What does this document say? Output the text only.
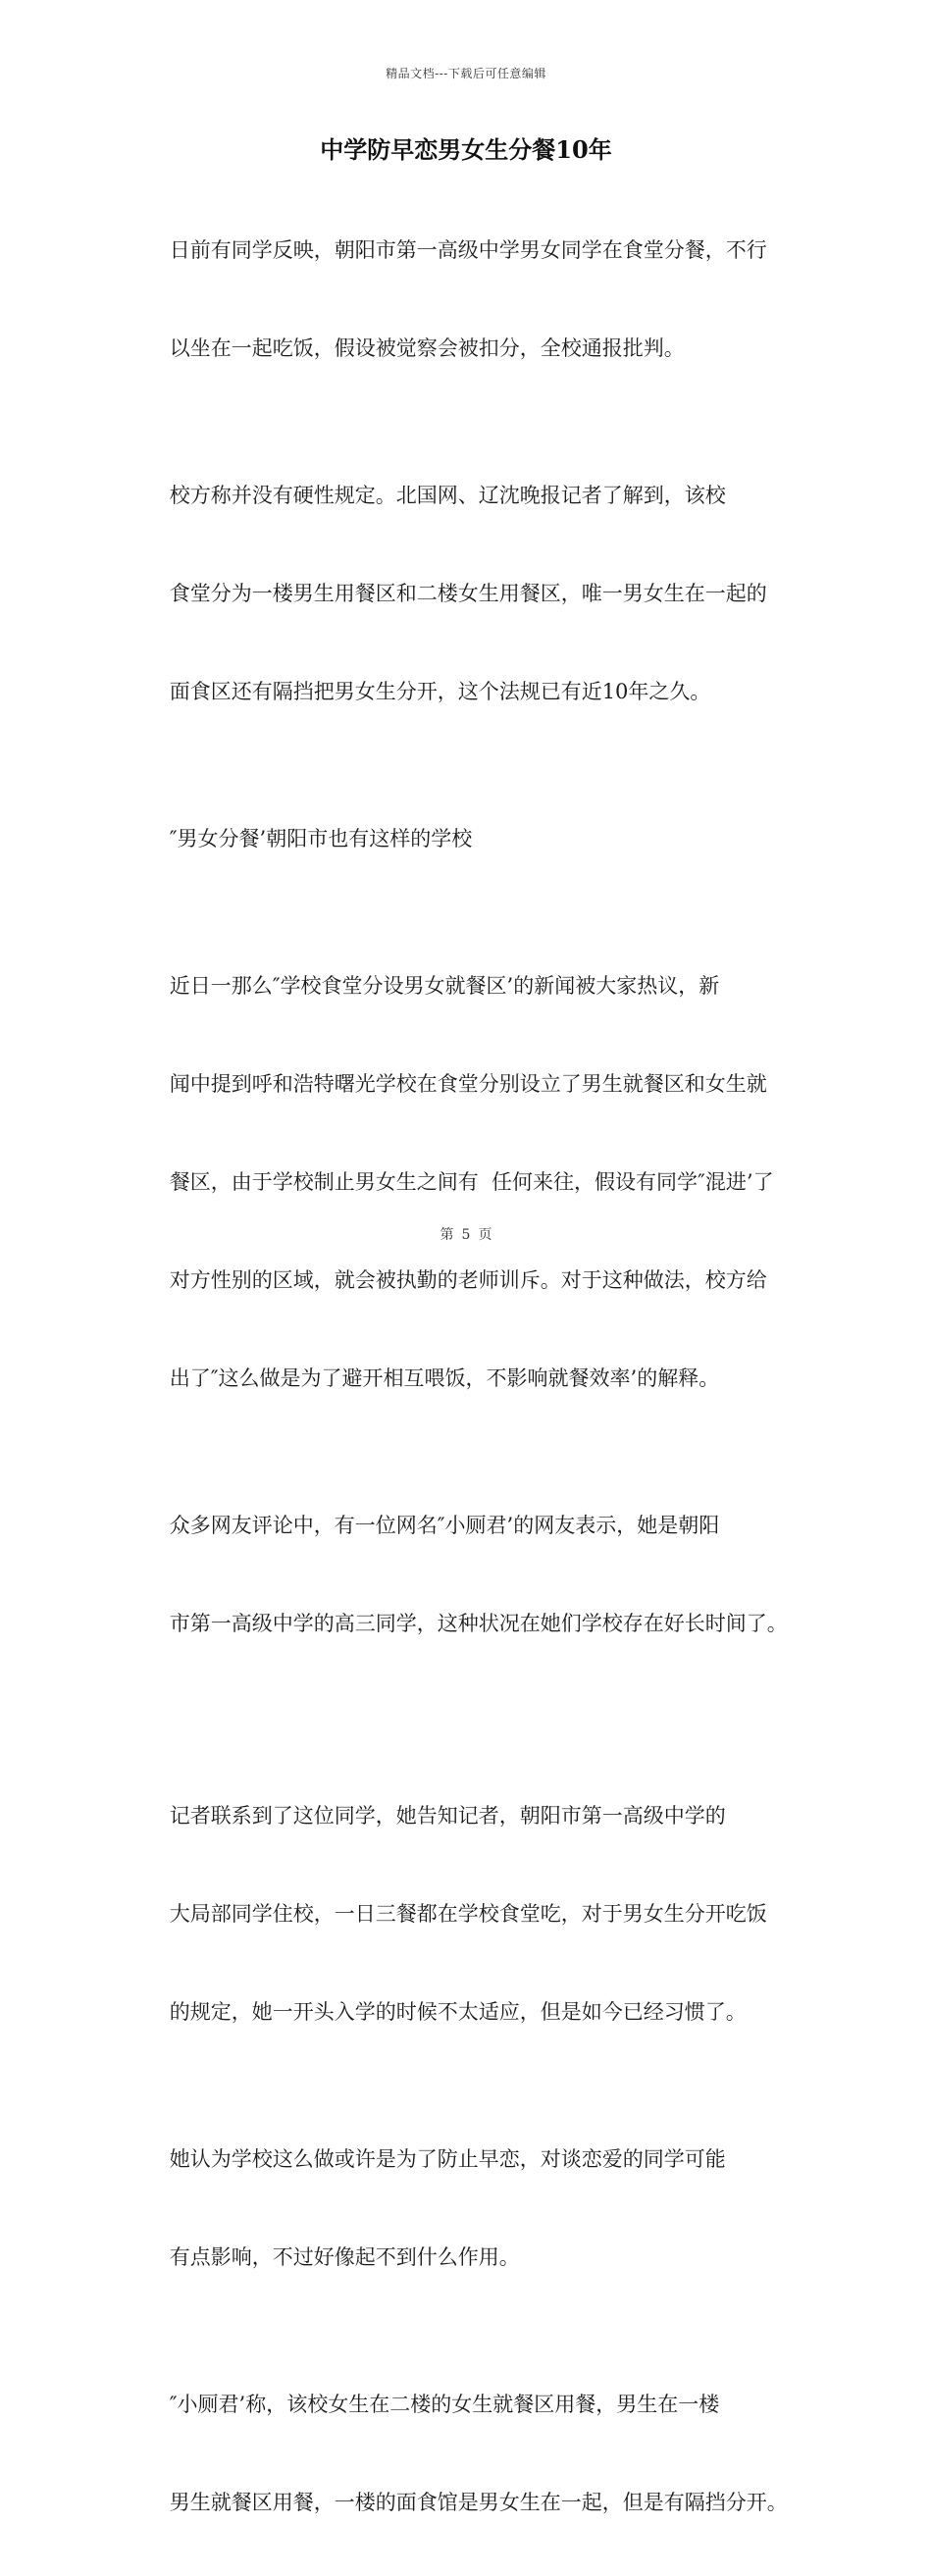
精品文档---下载后可任意编辑
中学防早恋男女生分餐10年

日前有同学反映，朝阳市第一高级中学男女同学在食堂分餐，不行

以坐在一起吃饭，假设被觉察会被扣分，全校通报批判。

校方称并没有硬性规定。北国网、辽沈晚报记者了解到，该校

食堂分为一楼男生用餐区和二楼女生用餐区，唯一男女生在一起的

面食区还有隔挡把男女生分开，这个法规已有近10年之久。

″男女分餐’朝阳市也有这样的学校

近日一那么″学校食堂分设男女就餐区’的新闻被大家热议，新

闻中提到呼和浩特曙光学校在食堂分别设立了男生就餐区和女生就

餐区，由于学校制止男女生之间有  任何来往，假设有同学″混进’了

对方性别的区域，就会被执勤的老师训斥。对于这种做法，校方给

出了″这么做是为了避开相互喂饭，不影响就餐效率’的解释。

众多网友评论中，有一位网名″小厕君’的网友表示，她是朝阳

市第一高级中学的高三同学，这种状况在她们学校存在好长时间了。

记者联系到了这位同学，她告知记者，朝阳市第一高级中学的

大局部同学住校，一日三餐都在学校食堂吃，对于男女生分开吃饭

的规定，她一开头入学的时候不太适应，但是如今已经习惯了。

她认为学校这么做或许是为了防止早恋，对谈恋爱的同学可能

有点影响，不过好像起不到什么作用。

″小厕君’称，该校女生在二楼的女生就餐区用餐，男生在一楼

男生就餐区用餐，一楼的面食馆是男女生在一起，但是有隔挡分开。

第 5 页
